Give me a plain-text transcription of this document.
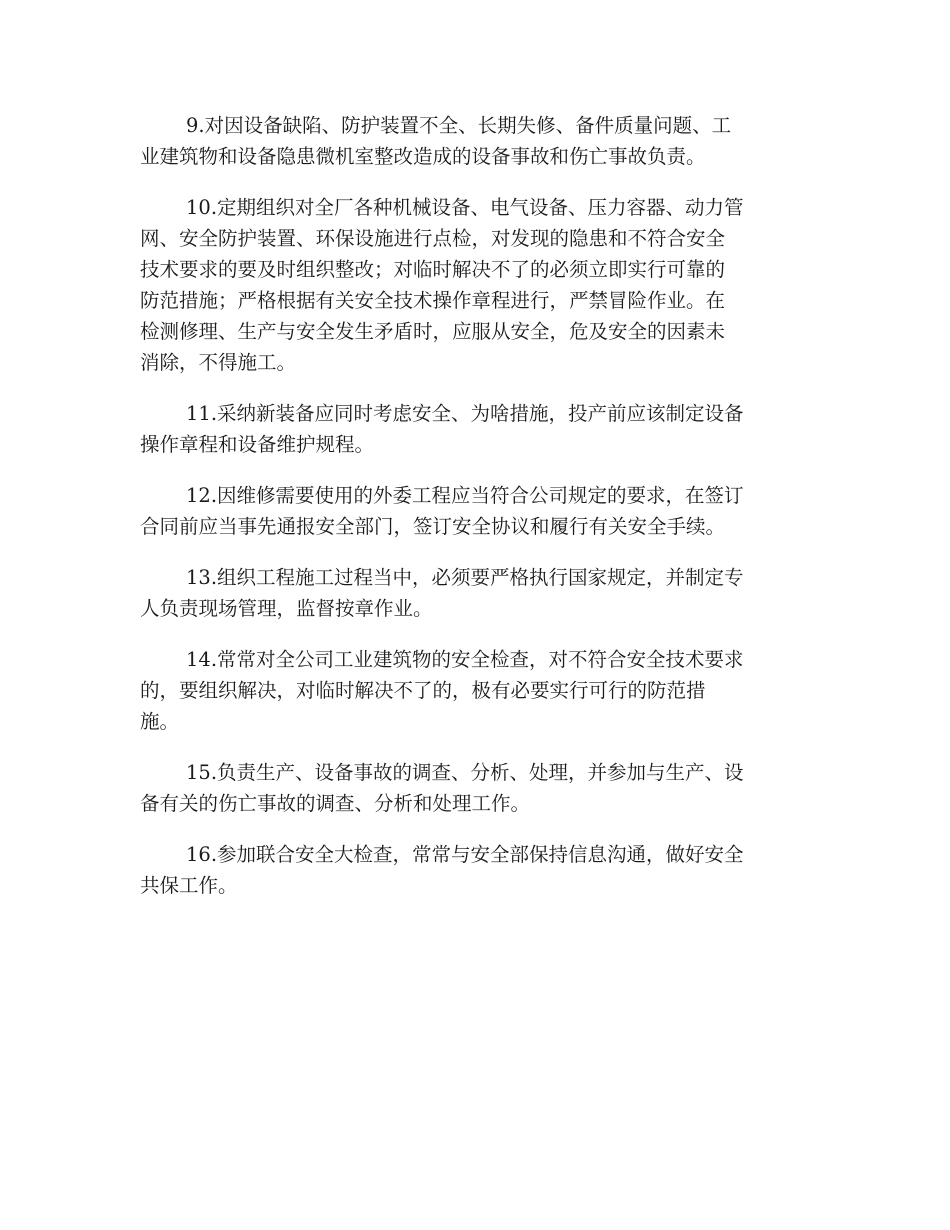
9.对因设备缺陷、防护装置不全、长期失修、备件质量问题、工
业建筑物和设备隐患微机室整改造成的设备事故和伤亡事故负责。

10.定期组织对全厂各种机械设备、电气设备、压力容器、动力管
网、安全防护装置、环保设施进行点检，对发现的隐患和不符合安全
技术要求的要及时组织整改；对临时解决不了的必须立即实行可靠的
防范措施；严格根据有关安全技术操作章程进行，严禁冒险作业。在
检测修理、生产与安全发生矛盾时，应服从安全，危及安全的因素未
消除，不得施工。

11.采纳新装备应同时考虑安全、为啥措施，投产前应该制定设备
操作章程和设备维护规程。

12.因维修需要使用的外委工程应当符合公司规定的要求，在签订
合同前应当事先通报安全部门，签订安全协议和履行有关安全手续。

13.组织工程施工过程当中，必须要严格执行国家规定，并制定专
人负责现场管理，监督按章作业。

14.常常对全公司工业建筑物的安全检查，对不符合安全技术要求
的，要组织解决，对临时解决不了的，极有必要实行可行的防范措
施。

15.负责生产、设备事故的调查、分析、处理，并参加与生产、设
备有关的伤亡事故的调查、分析和处理工作。

16.参加联合安全大检查，常常与安全部保持信息沟通，做好安全
共保工作。
